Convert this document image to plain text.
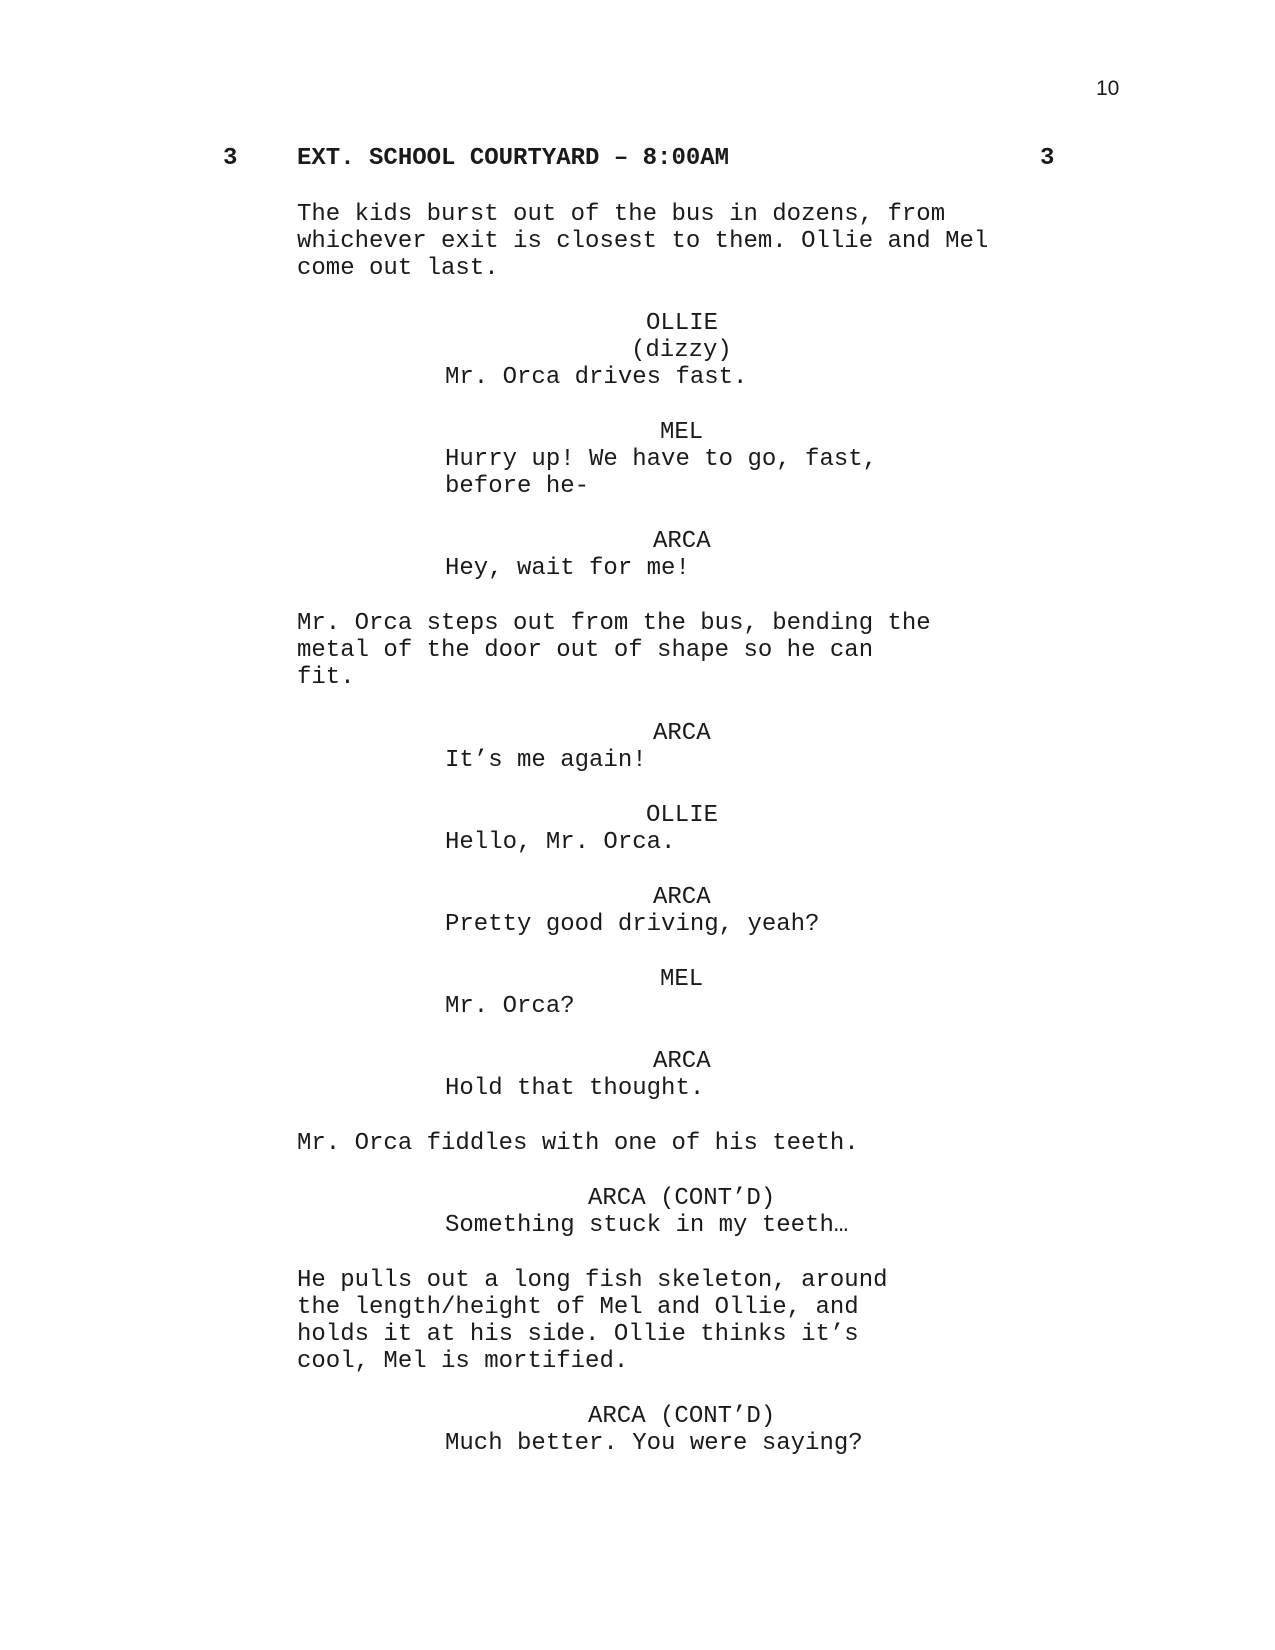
10
3 EXT. SCHOOL COURTYARD – 8:00AM	3
The kids burst out of the bus in dozens, from
whichever exit is closest to them. Ollie and Mel
come out last.
OLLIE
(dizzy)
Mr. Orca drives fast.
MEL
Hurry up! We have to go, fast,
before he-
ARCA
Hey, wait for me!
Mr. Orca steps out from the bus, bending the
metal of the door out of shape so he can
fit.
ARCA
It’s me again!
OLLIE
Hello, Mr. Orca.
ARCA
Pretty good driving, yeah?
MEL
Mr. Orca?
ARCA
Hold that thought.
Mr. Orca fiddles with one of his teeth.
ARCA (CONT’D)
Something stuck in my teeth…
He pulls out a long fish skeleton, around
the length/height of Mel and Ollie, and
holds it at his side. Ollie thinks it’s
cool, Mel is mortified.
ARCA (CONT’D)
Much better. You were saying?
